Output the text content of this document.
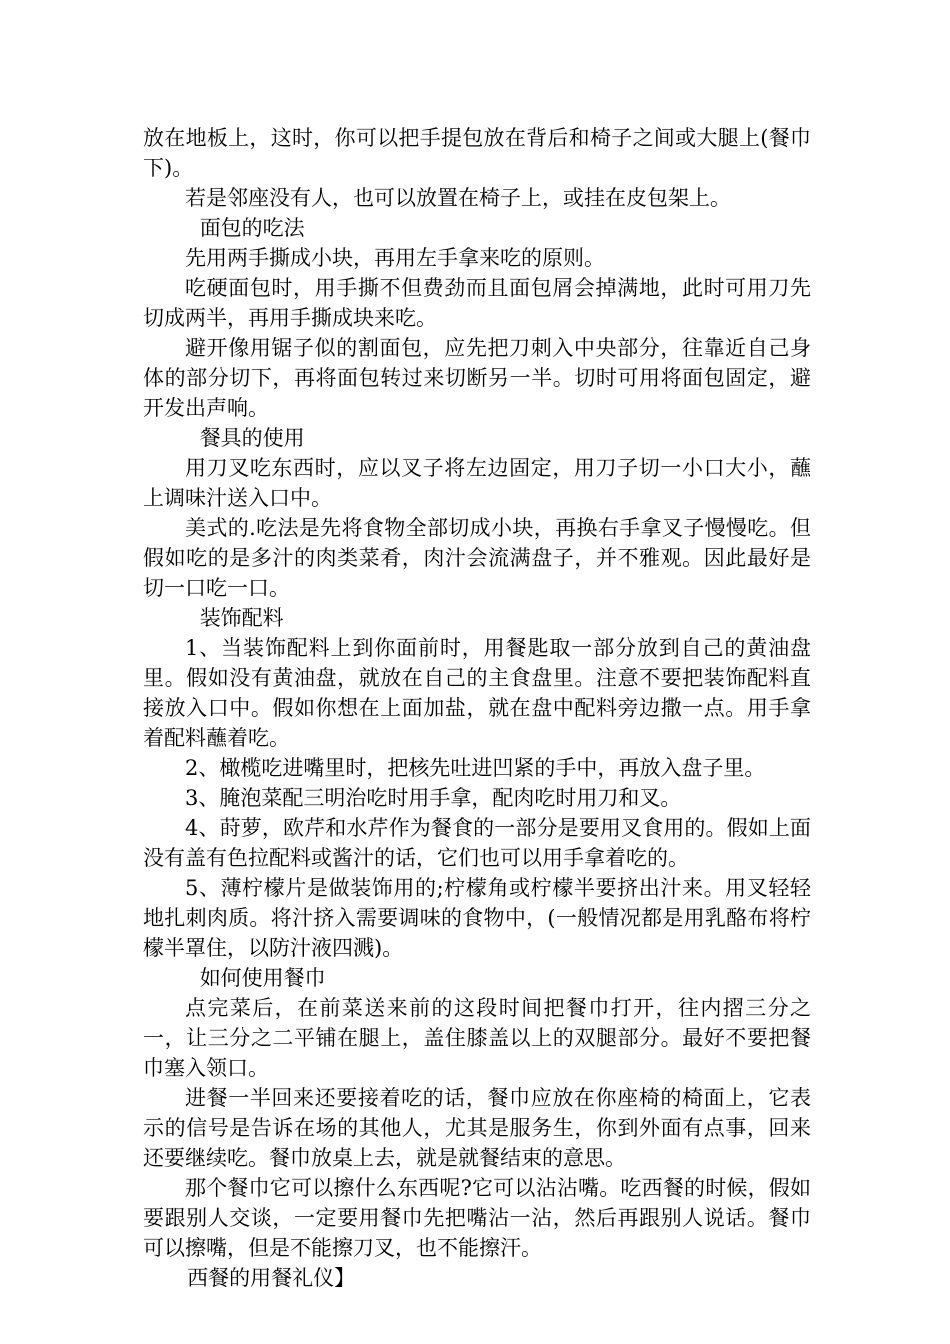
放在地板上，这时，你可以把手提包放在背后和椅子之间或大腿上(餐巾下)。

若是邻座没有人，也可以放置在椅子上，或挂在皮包架上。

面包的吃法

先用两手撕成小块，再用左手拿来吃的原则。

吃硬面包时，用手撕不但费劲而且面包屑会掉满地，此时可用刀先切成两半，再用手撕成块来吃。

避开像用锯子似的割面包，应先把刀刺入中央部分，往靠近自己身体的部分切下，再将面包转过来切断另一半。切时可用将面包固定，避开发出声响。

餐具的使用

用刀叉吃东西时，应以叉子将左边固定，用刀子切一小口大小，蘸上调味汁送入口中。

美式的.吃法是先将食物全部切成小块，再换右手拿叉子慢慢吃。但假如吃的是多汁的肉类菜肴，肉汁会流满盘子，并不雅观。因此最好是切一口吃一口。

装饰配料

1、当装饰配料上到你面前时，用餐匙取一部分放到自己的黄油盘里。假如没有黄油盘，就放在自己的主食盘里。注意不要把装饰配料直接放入口中。假如你想在上面加盐，就在盘中配料旁边撒一点。用手拿着配料蘸着吃。

2、橄榄吃进嘴里时，把核先吐进凹紧的手中，再放入盘子里。

3、腌泡菜配三明治吃时用手拿，配肉吃时用刀和叉。

4、莳萝，欧芹和水芹作为餐食的一部分是要用叉食用的。假如上面没有盖有色拉配料或酱汁的话，它们也可以用手拿着吃的。

5、薄柠檬片是做装饰用的;柠檬角或柠檬半要挤出汁来。用叉轻轻地扎刺肉质。将汁挤入需要调味的食物中，(一般情况都是用乳酪布将柠檬半罩住，以防汁液四溅)。

如何使用餐巾

点完菜后，在前菜送来前的这段时间把餐巾打开，往内摺三分之一，让三分之二平铺在腿上，盖住膝盖以上的双腿部分。最好不要把餐巾塞入领口。

进餐一半回来还要接着吃的话，餐巾应放在你座椅的椅面上，它表示的信号是告诉在场的其他人，尤其是服务生，你到外面有点事，回来还要继续吃。餐巾放桌上去，就是就餐结束的意思。

那个餐巾它可以擦什么东西呢?它可以沾沾嘴。吃西餐的时候，假如要跟别人交谈，一定要用餐巾先把嘴沾一沾，然后再跟别人说话。餐巾可以擦嘴，但是不能擦刀叉，也不能擦汗。

西餐的用餐礼仪】
